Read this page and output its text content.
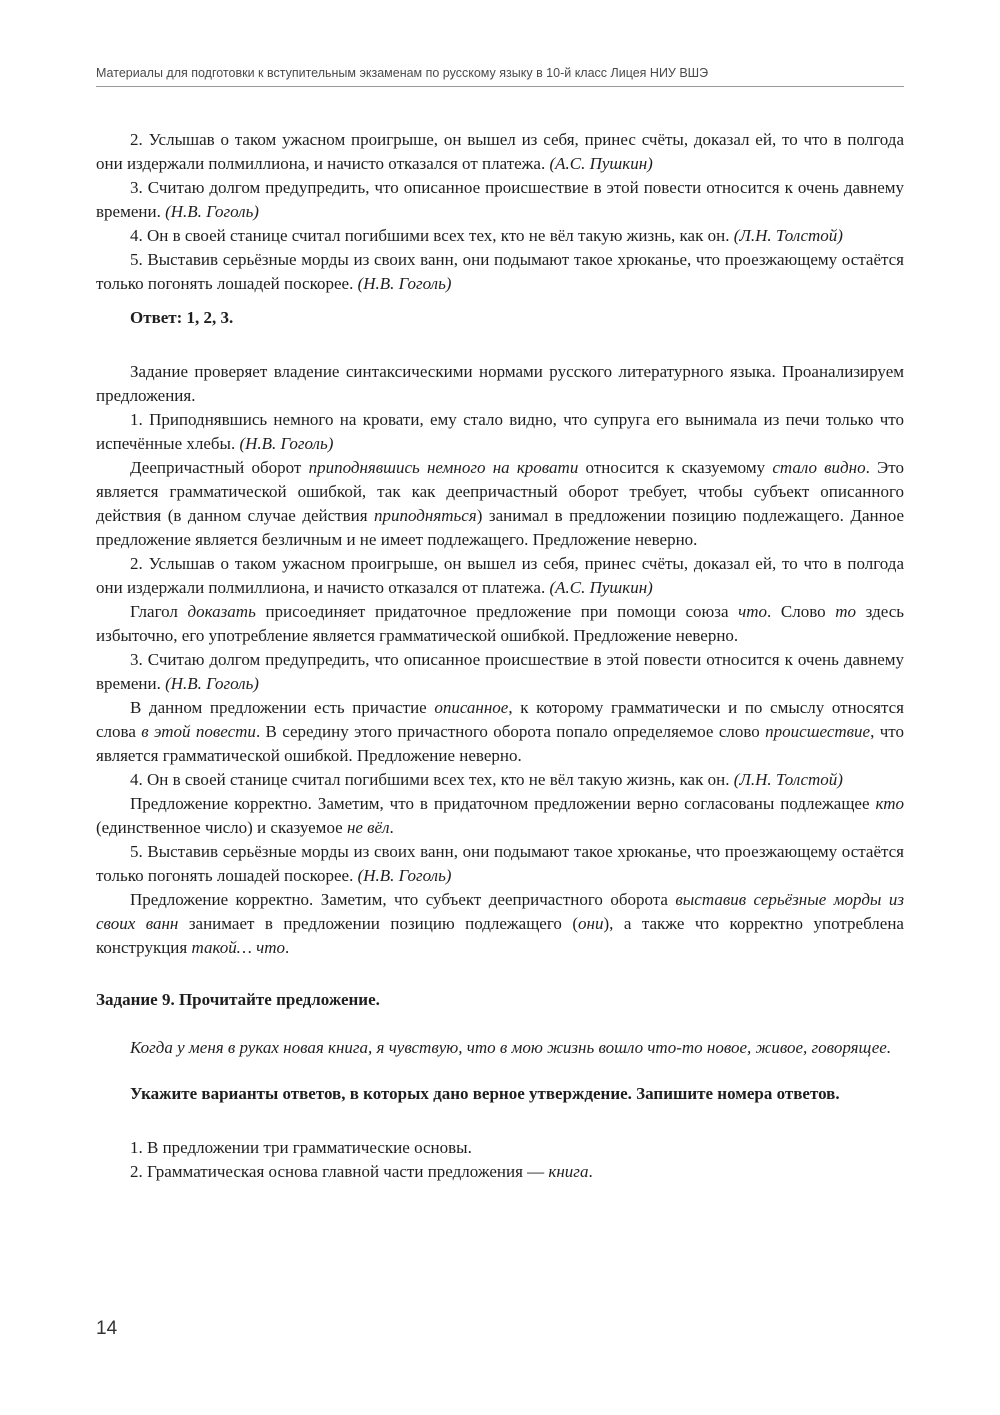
Материалы для подготовки к вступительным экзаменам по русскому языку в 10-й класс Лицея НИУ ВШЭ

2. Услышав о таком ужасном проигрыше, он вышел из себя, принес счёты, доказал ей, то что в полгода они издержали полмиллиона, и начисто отказался от платежа. (А.С. Пушкин)

3. Считаю долгом предупредить, что описанное происшествие в этой повести относится к очень давнему времени. (Н.В. Гоголь)

4. Он в своей станице считал погибшими всех тех, кто не вёл такую жизнь, как он. (Л.Н. Толстой)

5. Выставив серьёзные морды из своих ванн, они подымают такое хрюканье, что проезжающему остаётся только погонять лошадей поскорее. (Н.В. Гоголь)

Ответ: 1, 2, 3.

Задание проверяет владение синтаксическими нормами русского литературного языка. Проанализируем предложения.

1. Приподнявшись немного на кровати, ему стало видно, что супруга его вынимала из печи только что испечённые хлебы. (Н.В. Гоголь)

Деепричастный оборот приподнявшись немного на кровати относится к сказуемому стало видно. Это является грамматической ошибкой, так как деепричастный оборот требует, чтобы субъект описанного действия (в данном случае действия приподняться) занимал в предложении позицию подлежащего. Данное предложение является безличным и не имеет подлежащего. Предложение неверно.

2. Услышав о таком ужасном проигрыше, он вышел из себя, принес счёты, доказал ей, то что в полгода они издержали полмиллиона, и начисто отказался от платежа. (А.С. Пушкин)

Глагол доказать присоединяет придаточное предложение при помощи союза что. Слово то здесь избыточно, его употребление является грамматической ошибкой. Предложение неверно.

3. Считаю долгом предупредить, что описанное происшествие в этой повести относится к очень давнему времени. (Н.В. Гоголь)

В данном предложении есть причастие описанное, к которому грамматически и по смыслу относятся слова в этой повести. В середину этого причастного оборота попало определяемое слово происшествие, что является грамматической ошибкой. Предложение неверно.

4. Он в своей станице считал погибшими всех тех, кто не вёл такую жизнь, как он. (Л.Н. Толстой)

Предложение корректно. Заметим, что в придаточном предложении верно согласованы подлежащее кто (единственное число) и сказуемое не вёл.

5. Выставив серьёзные морды из своих ванн, они подымают такое хрюканье, что проезжающему остаётся только погонять лошадей поскорее. (Н.В. Гоголь)

Предложение корректно. Заметим, что субъект деепричастного оборота выставив серьёзные морды из своих ванн занимает в предложении позицию подлежащего (они), а также что корректно употреблена конструкция такой… что.

Задание 9. Прочитайте предложение.

Когда у меня в руках новая книга, я чувствую, что в мою жизнь вошло что-то новое, живое, говорящее.

Укажите варианты ответов, в которых дано верное утверждение. Запишите номера ответов.

1. В предложении три грамматические основы.

2. Грамматическая основа главной части предложения — книга.

14
